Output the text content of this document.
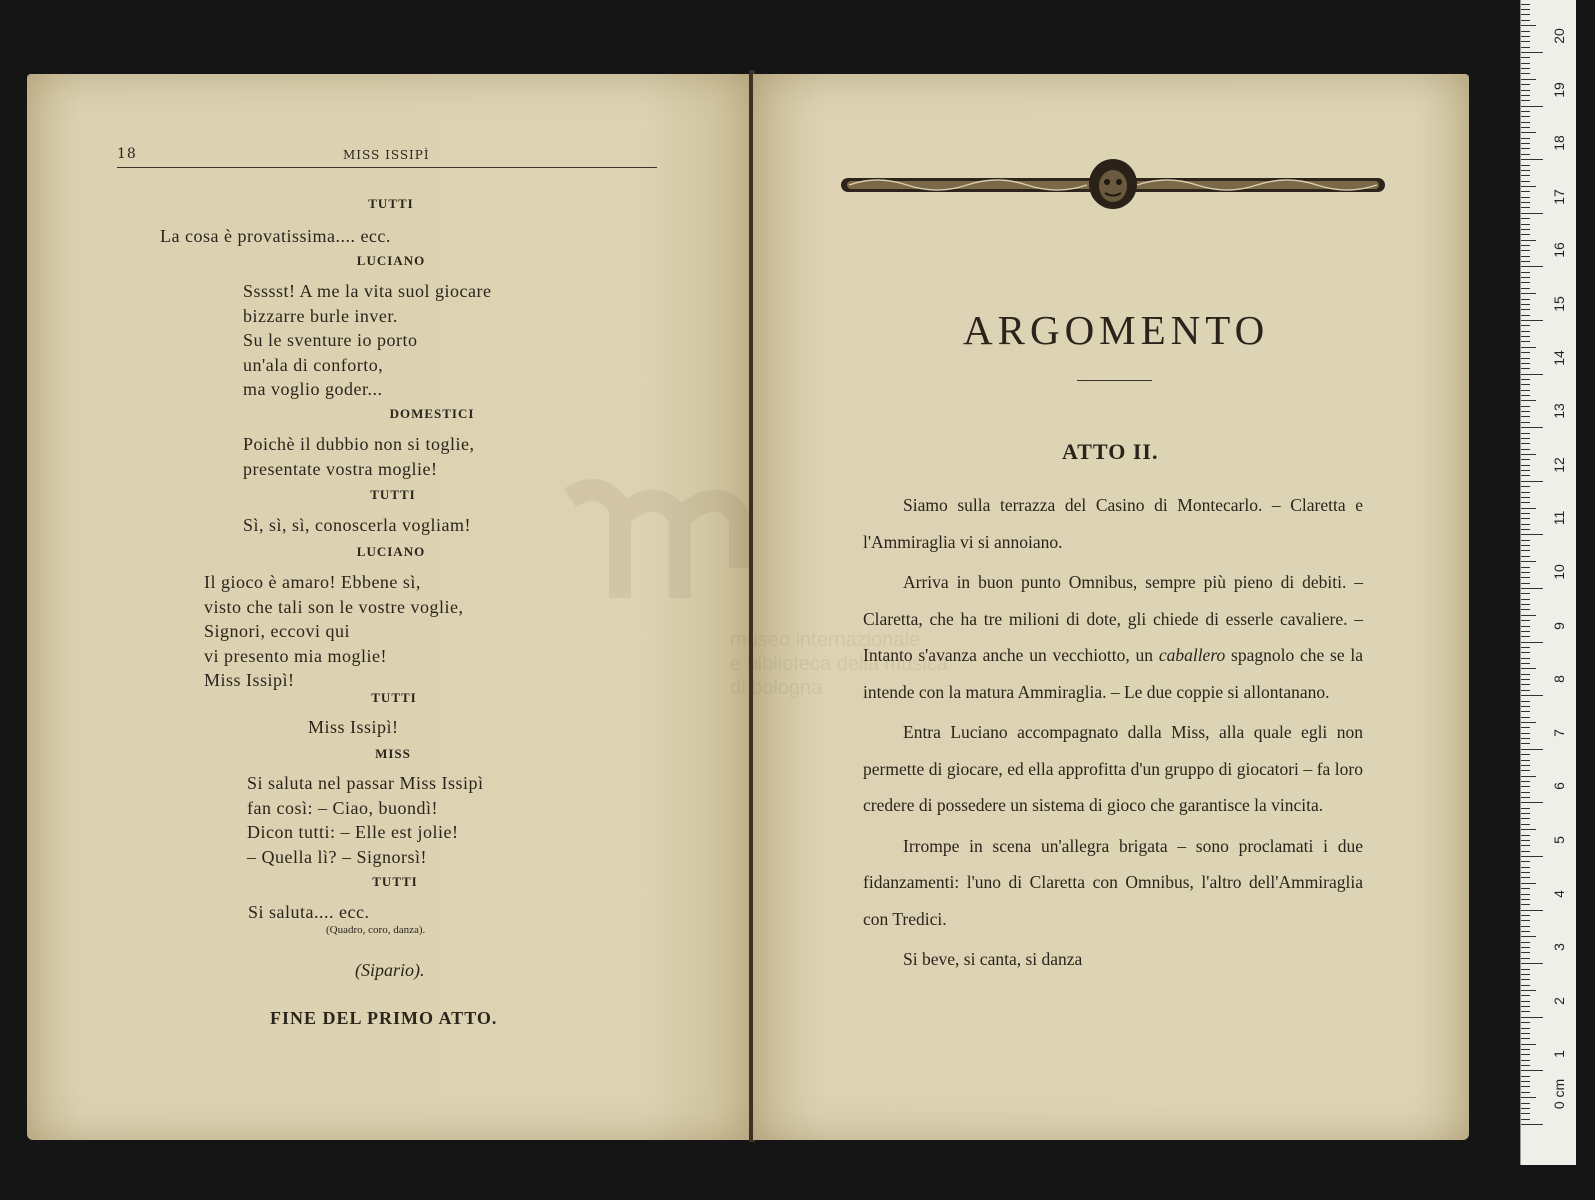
18	MISS ISSIPÌ
TUTTI
La cosa è provatissima.... ecc.
LUCIANO
Ssssst! A me la vita suol giocare
bizzarre burle inver.
Su le sventure io porto
un'ala di conforto,
ma voglio goder...
DOMESTICI
Poichè il dubbio non si toglie,
presentate vostra moglie!
TUTTI
Sì, sì, sì, conoscerla vogliam!
LUCIANO
Il gioco è amaro! Ebbene sì,
visto che tali son le vostre voglie,
Signori, eccovi qui
vi presento mia moglie!
Miss Issipì!
TUTTI
Miss Issipì!
MISS
Si saluta nel passar Miss Issipì
fan così: – Ciao, buondì!
Dicon tutti: – Elle est jolie!
– Quella lì? – Signorsì!
TUTTI
Si saluta.... ecc.
(Quadro, coro, danza).
(Sipario).
FINE DEL PRIMO ATTO.
ARGOMENTO
ATTO II.

Siamo sulla terrazza del Casino di Montecarlo. – Claretta e l'Ammiraglia vi si annoiano.

Arriva in buon punto Omnibus, sempre più pieno di debiti. – Claretta, che ha tre milioni di dote, gli chiede di esserle cavaliere. – Intanto s'avanza anche un vecchiotto, un caballero spagnolo che se la intende con la matura Ammiraglia. – Le due coppie si allontanano.

Entra Luciano accompagnato dalla Miss, alla quale egli non permette di giocare, ed ella approfitta d'un gruppo di giocatori – fa loro credere di possedere un sistema di gioco che garantisce la vincita.

Irrompe in scena un'allegra brigata – sono proclamati i due fidanzamenti: l'uno di Claretta con Omnibus, l'altro dell'Ammiraglia con Tredici.

Si beve, si canta, si danza

museo internazionale
e biblioteca della musica
di bologna
0 cm
1
2
3
4
5
6
7
8
9
10
11
12
13
14
15
16
17
18
19
20
